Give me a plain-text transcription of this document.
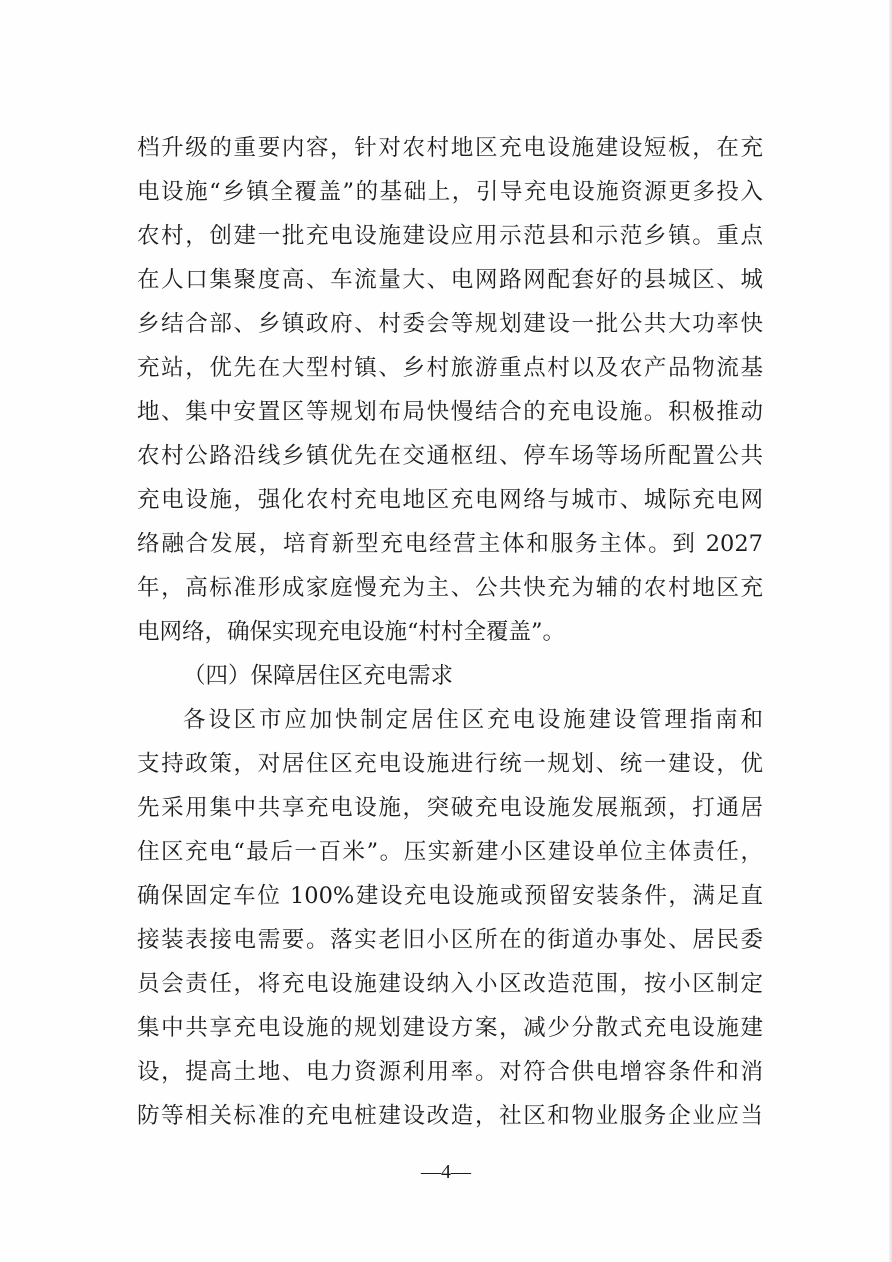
档升级的重要内容，针对农村地区充电设施建设短板，在充
电设施“乡镇全覆盖”的基础上，引导充电设施资源更多投入
农村，创建一批充电设施建设应用示范县和示范乡镇。重点
在人口集聚度高、车流量大、电网路网配套好的县城区、城
乡结合部、乡镇政府、村委会等规划建设一批公共大功率快
充站，优先在大型村镇、乡村旅游重点村以及农产品物流基
地、集中安置区等规划布局快慢结合的充电设施。积极推动
农村公路沿线乡镇优先在交通枢纽、停车场等场所配置公共
充电设施，强化农村充电地区充电网络与城市、城际充电网
络融合发展，培育新型充电经营主体和服务主体。到 2027
年，高标准形成家庭慢充为主、公共快充为辅的农村地区充
电网络，确保实现充电设施“村村全覆盖”。
（四）保障居住区充电需求
各设区市应加快制定居住区充电设施建设管理指南和
支持政策，对居住区充电设施进行统一规划、统一建设，优
先采用集中共享充电设施，突破充电设施发展瓶颈，打通居
住区充电“最后一百米”。压实新建小区建设单位主体责任，
确保固定车位 100%建设充电设施或预留安装条件，满足直
接装表接电需要。落实老旧小区所在的街道办事处、居民委
员会责任，将充电设施建设纳入小区改造范围，按小区制定
集中共享充电设施的规划建设方案，减少分散式充电设施建
设，提高土地、电力资源利用率。对符合供电增容条件和消
防等相关标准的充电桩建设改造，社区和物业服务企业应当
—4—
